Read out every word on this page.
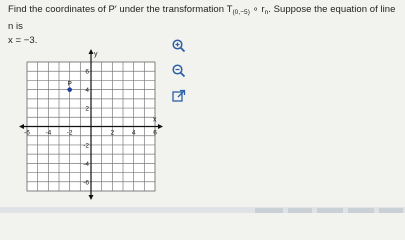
Find the coordinates of P′ under the transformation $T_{(0,-5)}$ ∘ $r_n$. Suppose the equation of line n is
x = −3.
y
x
-6 -4 -2	2	4	6
6
4
2
-2
-4
-6
P
